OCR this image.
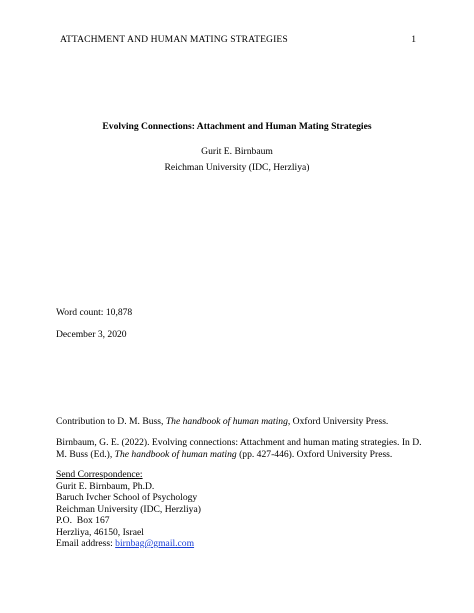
ATTACHMENT AND HUMAN MATING STRATEGIES	1
Evolving Connections: Attachment and Human Mating Strategies
Gurit E. Birnbaum
Reichman University (IDC, Herzliya)
Word count: 10,878
December 3, 2020
Contribution to D. M. Buss, The handbook of human mating, Oxford University Press.
Birnbaum, G. E. (2022). Evolving connections: Attachment and human mating strategies. In D.
M. Buss (Ed.), The handbook of human mating (pp. 427-446). Oxford University Press.
Send Correspondence:
Gurit E. Birnbaum, Ph.D.
Baruch Ivcher School of Psychology
Reichman University (IDC, Herzliya)
P.O.  Box 167
Herzliya, 46150, Israel
Email address: birnbag@gmail.com
